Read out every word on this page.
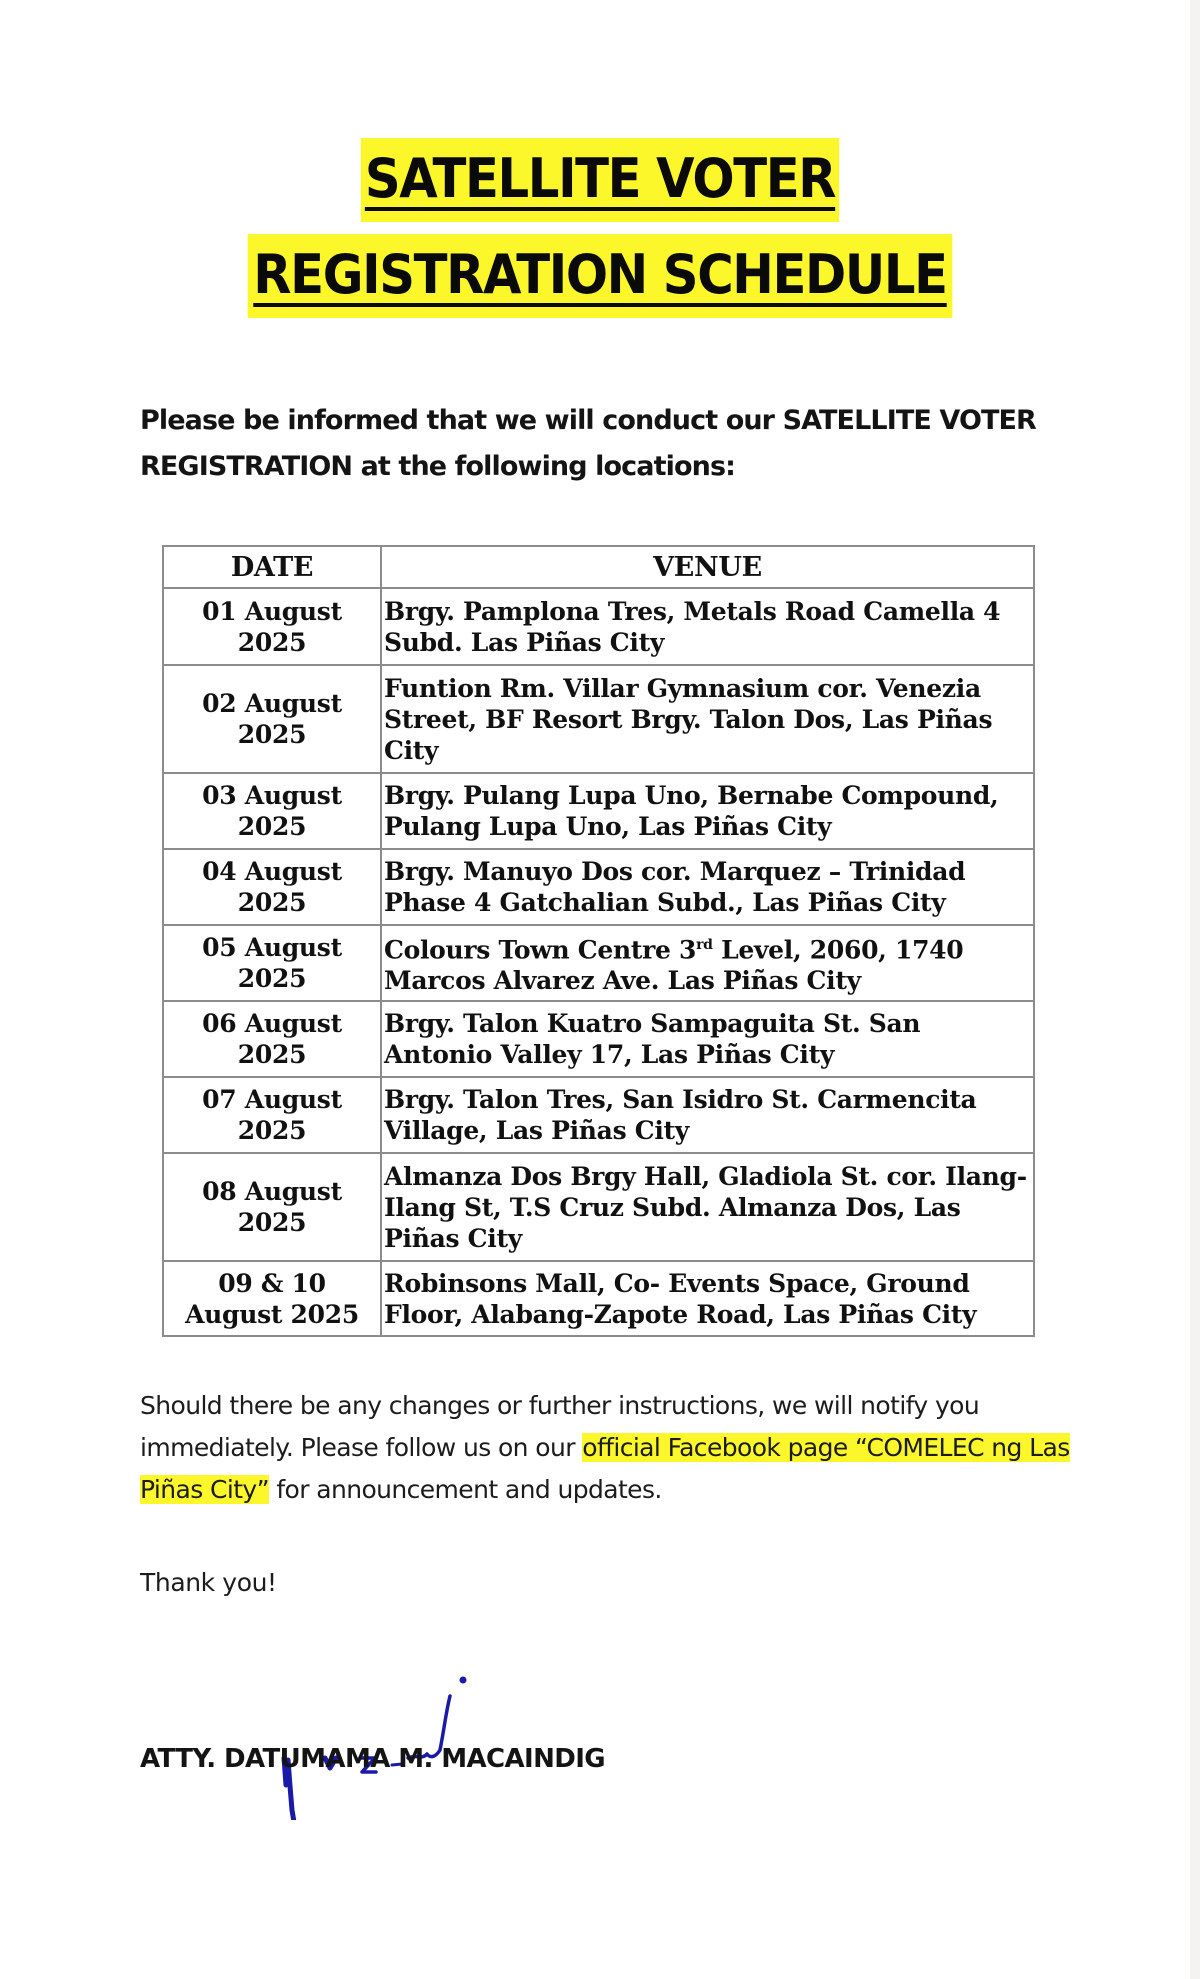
SATELLITE VOTER
REGISTRATION SCHEDULE
Please be informed that we will conduct our SATELLITE VOTER REGISTRATION at the following locations:
DATE	VENUE

01 August
2025	Brgy. Pamplona Tres, Metals Road Camella 4 Subd. Las Piñas City

02 August
2025	Funtion Rm. Villar Gymnasium cor. Venezia Street, BF Resort Brgy. Talon Dos, Las Piñas City

03 August
2025	Brgy. Pulang Lupa Uno, Bernabe Compound, Pulang Lupa Uno, Las Piñas City

04 August
2025	Brgy. Manuyo Dos cor. Marquez – Trinidad Phase 4 Gatchalian Subd., Las Piñas City

05 August
2025	Colours Town Centre 3rd Level, 2060, 1740 Marcos Alvarez Ave. Las Piñas City

06 August
2025	Brgy. Talon Kuatro Sampaguita St. San Antonio Valley 17, Las Piñas City

07 August
2025	Brgy. Talon Tres, San Isidro St. Carmencita Village, Las Piñas City

08 August
2025	Almanza Dos Brgy Hall, Gladiola St. cor. Ilang-Ilang St, T.S Cruz Subd. Almanza Dos, Las Piñas City

09 & 10
August 2025	Robinsons Mall, Co- Events Space, Ground Floor, Alabang-Zapote Road, Las Piñas City
Should there be any changes or further instructions, we will notify you immediately. Please follow us on our official Facebook page “COMELEC ng Las Piñas City” for announcement and updates.
Thank you!
ATTY. DATUMAMA M. MACAINDIG
